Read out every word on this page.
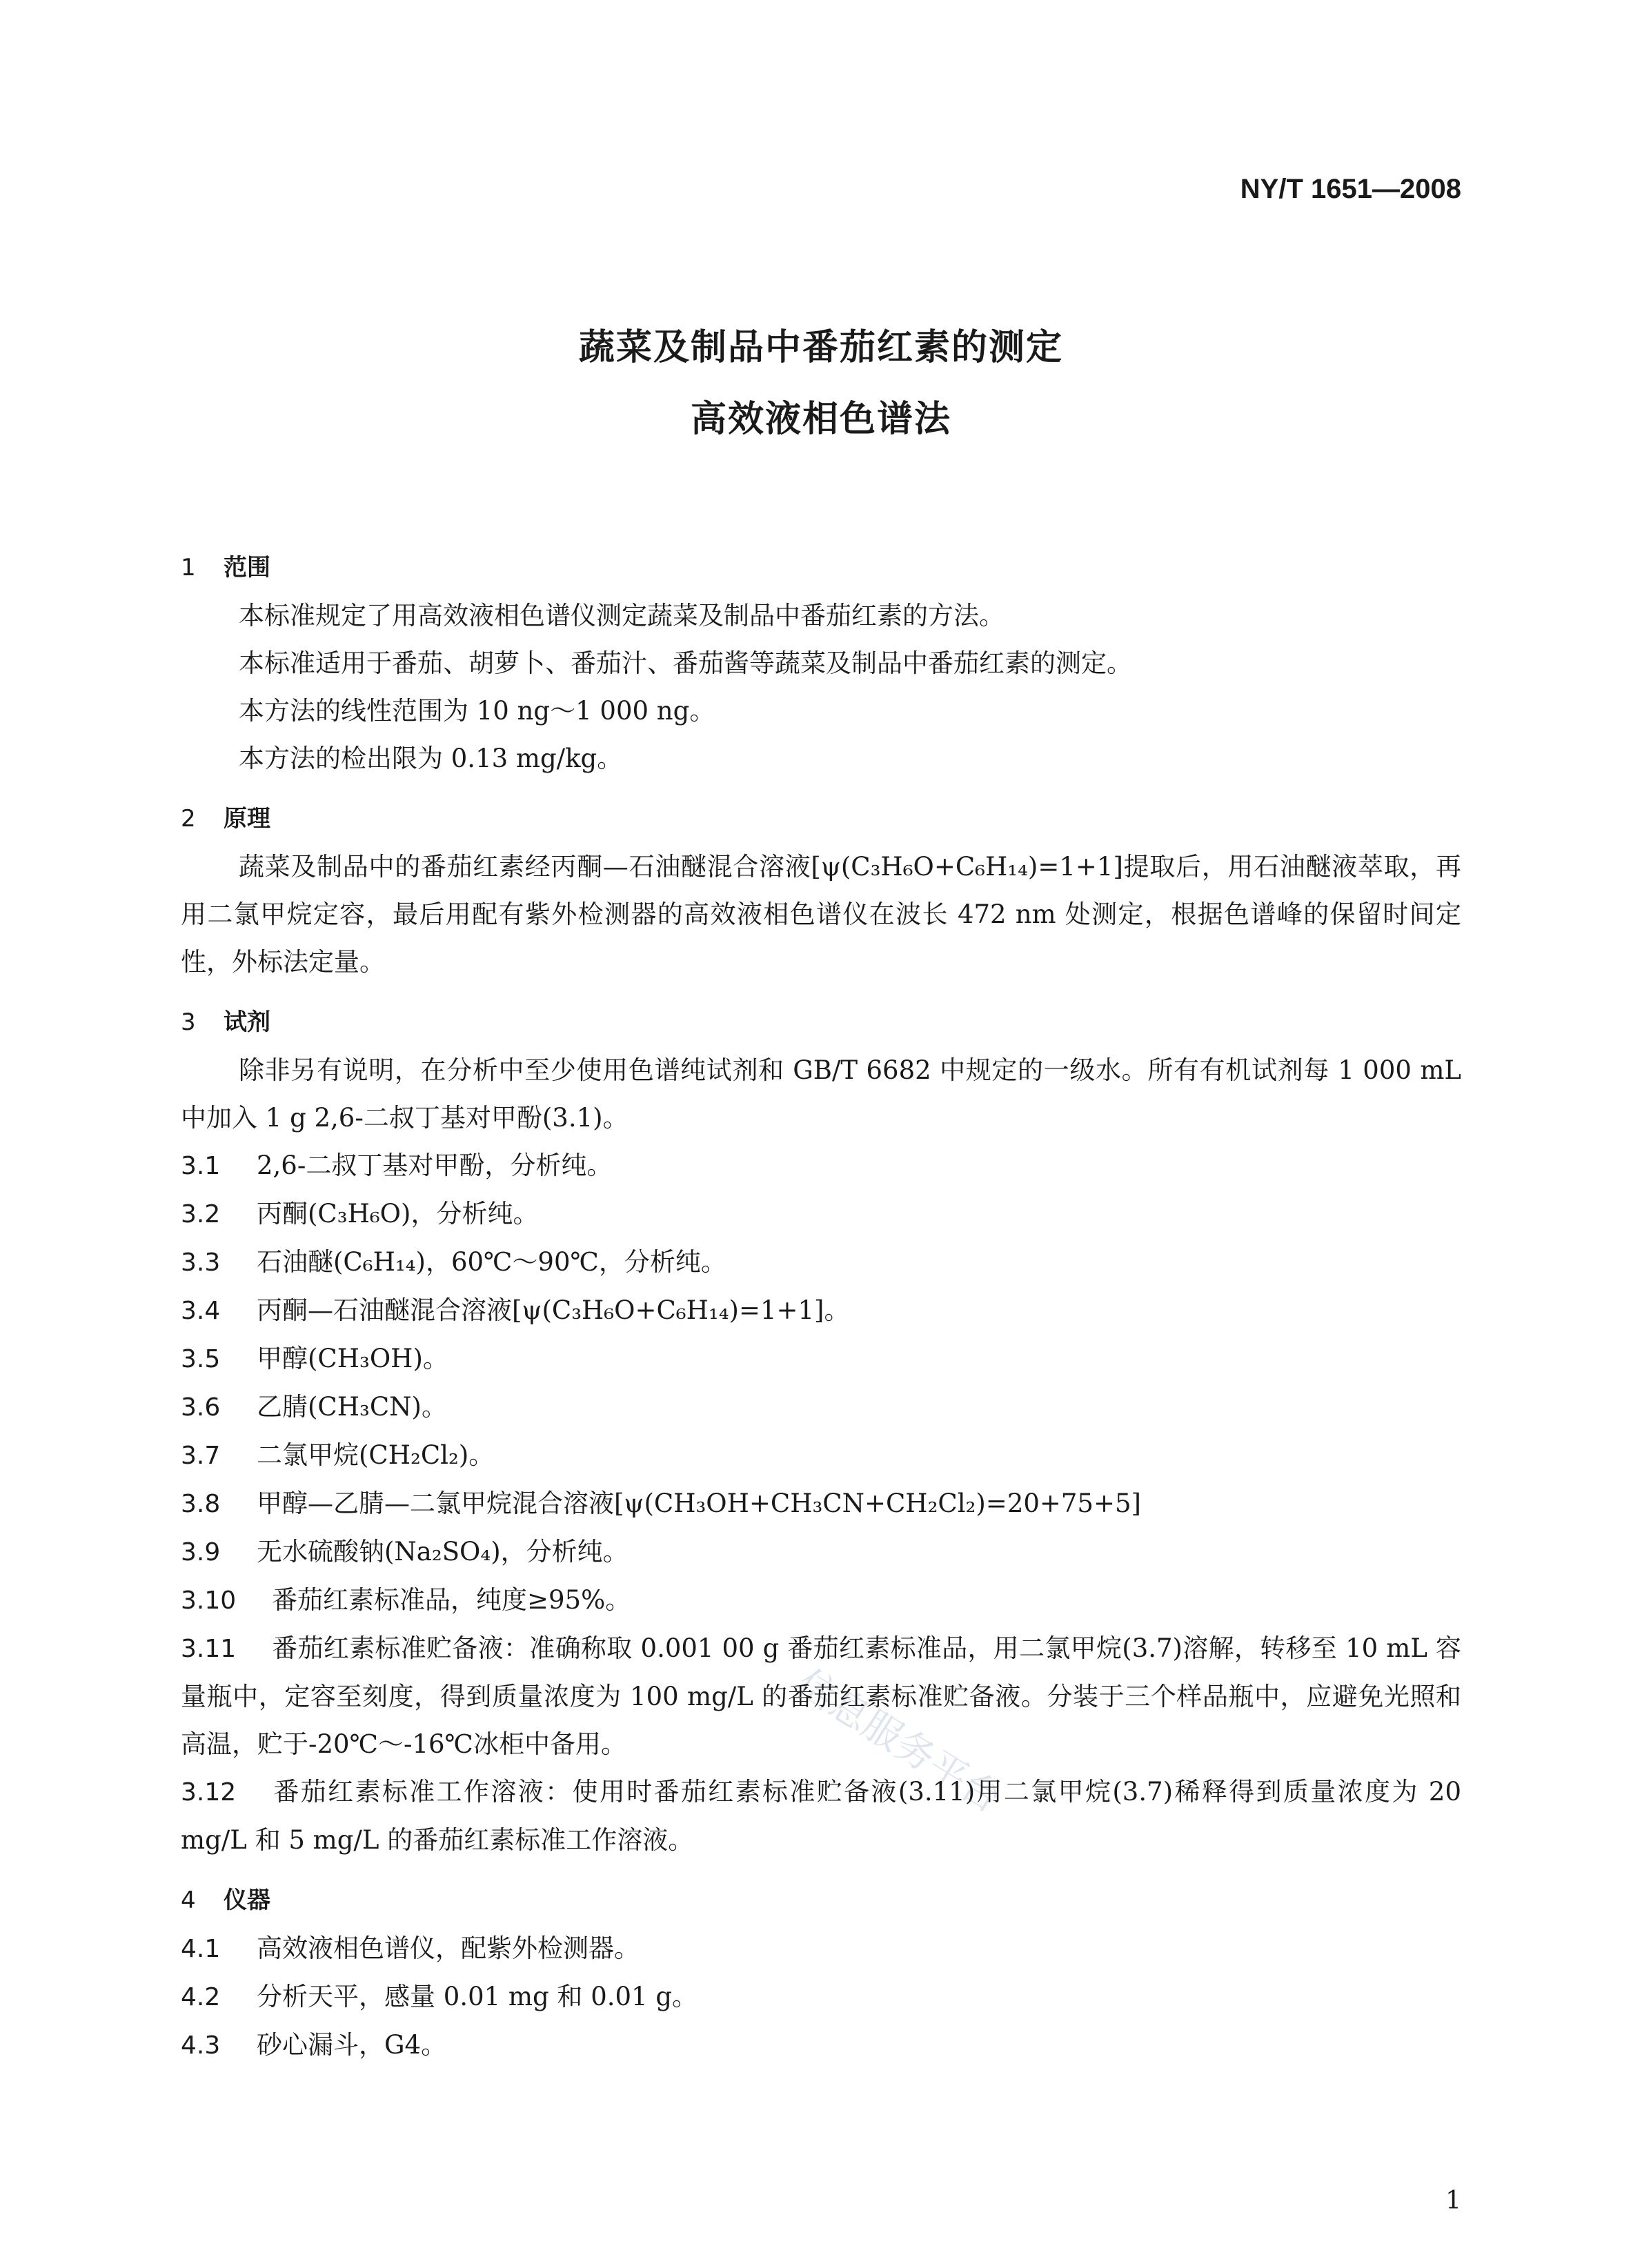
NY/T 1651—2008
蔬菜及制品中番茄红素的测定
高效液相色谱法
信息服务平台
1 范围

本标准规定了用高效液相色谱仪测定蔬菜及制品中番茄红素的方法。

本标准适用于番茄、胡萝卜、番茄汁、番茄酱等蔬菜及制品中番茄红素的测定。

本方法的线性范围为 10 ng～1 000 ng。

本方法的检出限为 0.13 mg/kg。

2 原理

蔬菜及制品中的番茄红素经丙酮—石油醚混合溶液[ψ(C₃H₆O+C₆H₁₄)=1+1]提取后，用石油醚液萃取，再用二氯甲烷定容，最后用配有紫外检测器的高效液相色谱仪在波长 472 nm 处测定，根据色谱峰的保留时间定性，外标法定量。

3 试剂

除非另有说明，在分析中至少使用色谱纯试剂和 GB/T 6682 中规定的一级水。所有有机试剂每 1 000 mL中加入 1 g 2,6-二叔丁基对甲酚(3.1)。

3.1 2,6-二叔丁基对甲酚，分析纯。

3.2 丙酮(C₃H₆O)，分析纯。

3.3 石油醚(C₆H₁₄)，60℃～90℃，分析纯。

3.4 丙酮—石油醚混合溶液[ψ(C₃H₆O+C₆H₁₄)=1+1]。

3.5 甲醇(CH₃OH)。

3.6 乙腈(CH₃CN)。

3.7 二氯甲烷(CH₂Cl₂)。

3.8 甲醇—乙腈—二氯甲烷混合溶液[ψ(CH₃OH+CH₃CN+CH₂Cl₂)=20+75+5]

3.9 无水硫酸钠(Na₂SO₄)，分析纯。

3.10 番茄红素标准品，纯度≥95%。

3.11 番茄红素标准贮备液：准确称取 0.001 00 g 番茄红素标准品，用二氯甲烷(3.7)溶解，转移至 10 mL 容量瓶中，定容至刻度，得到质量浓度为 100 mg/L 的番茄红素标准贮备液。分装于三个样品瓶中，应避免光照和高温，贮于-20℃～-16℃冰柜中备用。

3.12 番茄红素标准工作溶液：使用时番茄红素标准贮备液(3.11)用二氯甲烷(3.7)稀释得到质量浓度为 20 mg/L 和 5 mg/L 的番茄红素标准工作溶液。

4 仪器

4.1 高效液相色谱仪，配紫外检测器。

4.2 分析天平，感量 0.01 mg 和 0.01 g。

4.3 砂心漏斗，G4。

1
